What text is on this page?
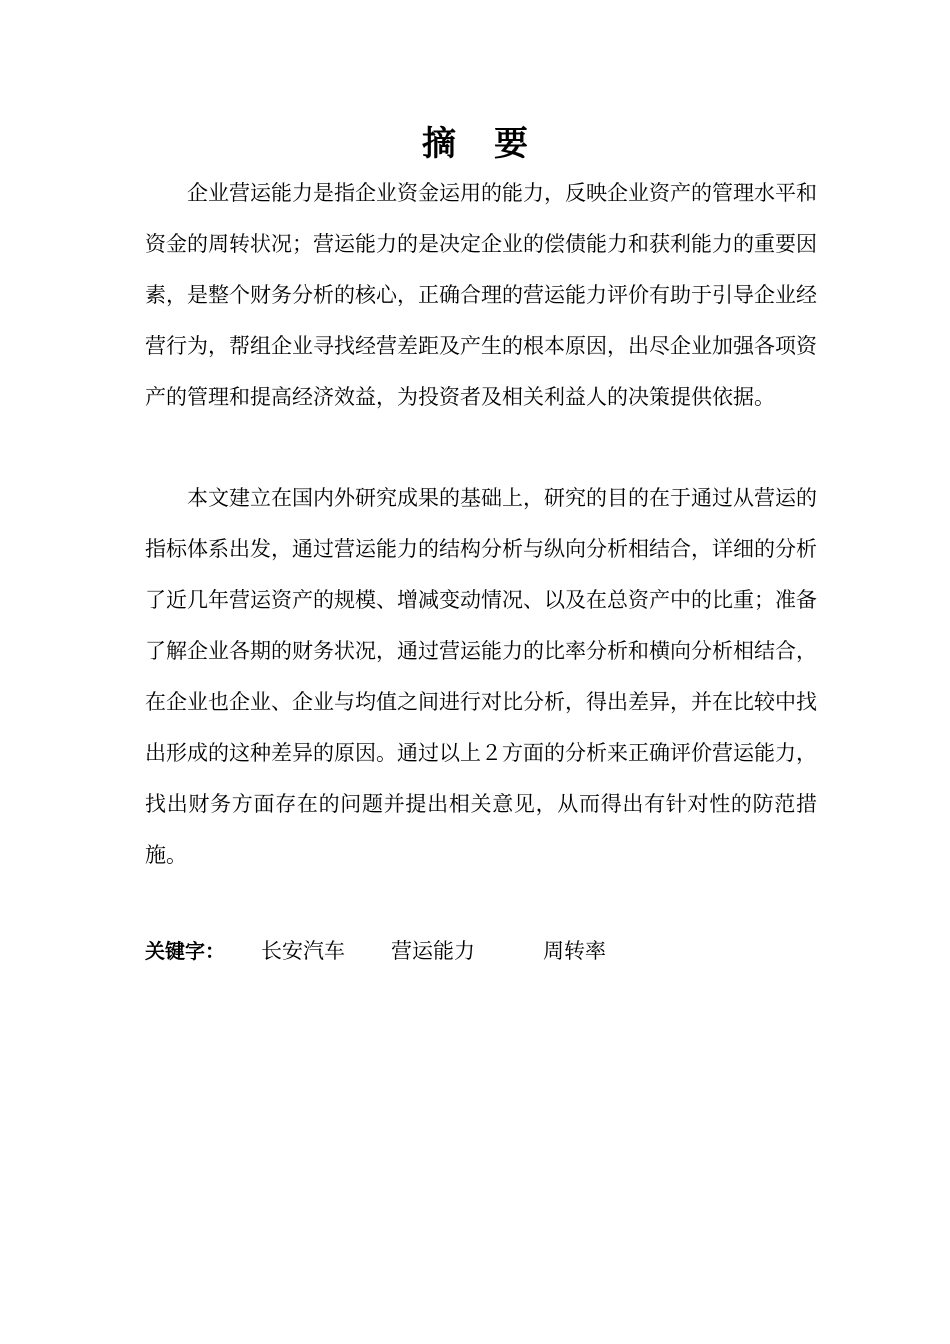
摘要

企业营运能力是指企业资金运用的能力，反映企业资产的管理水平和资金的周转状况；营运能力的是决定企业的偿债能力和获利能力的重要因素，是整个财务分析的核心，正确合理的营运能力评价有助于引导企业经营行为，帮组企业寻找经营差距及产生的根本原因，出尽企业加强各项资产的管理和提高经济效益，为投资者及相关利益人的决策提供依据。

本文建立在国内外研究成果的基础上，研究的目的在于通过从营运的指标体系出发，通过营运能力的结构分析与纵向分析相结合，详细的分析了近几年营运资产的规模、增减变动情况、以及在总资产中的比重；准备了解企业各期的财务状况，通过营运能力的比率分析和横向分析相结合，在企业也企业、企业与均值之间进行对比分析，得出差异，并在比较中找出形成的这种差异的原因。通过以上２方面的分析来正确评价营运能力，找出财务方面存在的问题并提出相关意见，从而得出有针对性的防范措施。

关键字： 长安汽车 营运能力	周转率
